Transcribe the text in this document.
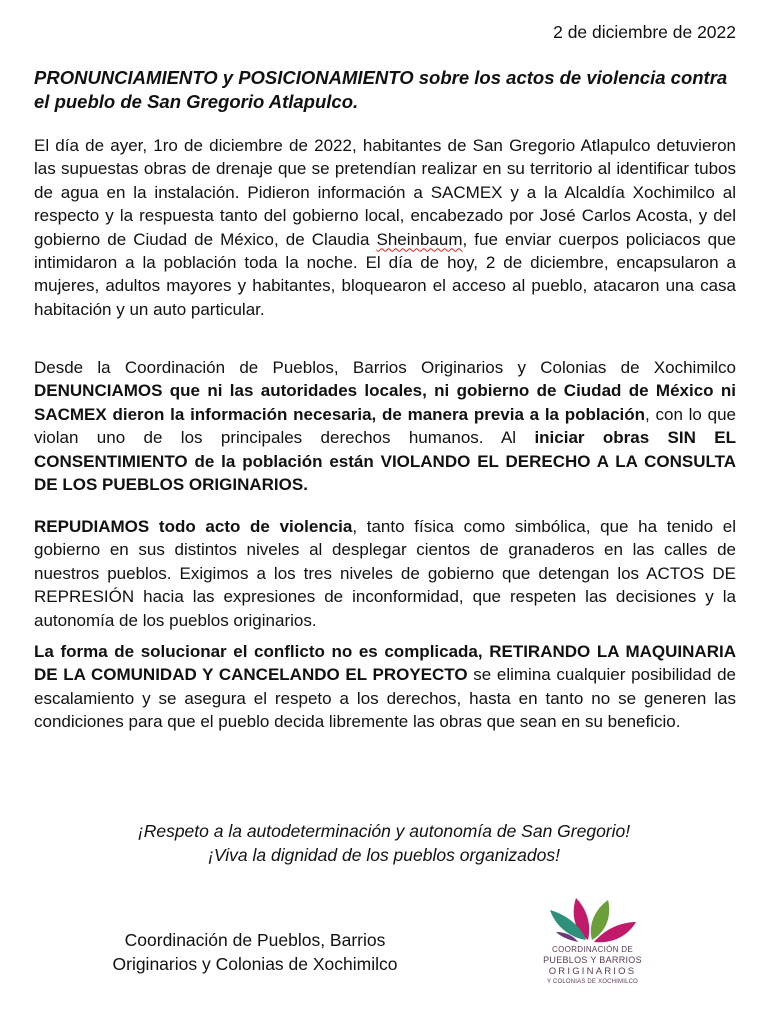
2 de diciembre de 2022

PRONUNCIAMIENTO y POSICIONAMIENTO sobre los actos de violencia contra el pueblo de San Gregorio Atlapulco.

El día de ayer, 1ro de diciembre de 2022, habitantes de San Gregorio Atlapulco detuvieron las supuestas obras de drenaje que se pretendían realizar en su territorio al identificar tubos de agua en la instalación. Pidieron información a SACMEX y a la Alcaldía Xochimilco al respecto y la respuesta tanto del gobierno local, encabezado por José Carlos Acosta, y del gobierno de Ciudad de México, de Claudia Sheinbaum, fue enviar cuerpos policiacos que intimidaron a la población toda la noche. El día de hoy, 2 de diciembre, encapsularon a mujeres, adultos mayores y habitantes, bloquearon el acceso al pueblo, atacaron una casa habitación y un auto particular.

Desde la Coordinación de Pueblos, Barrios Originarios y Colonias de Xochimilco DENUNCIAMOS que ni las autoridades locales, ni gobierno de Ciudad de México ni SACMEX dieron la información necesaria, de manera previa a la población, con lo que violan uno de los principales derechos humanos. Al iniciar obras SIN EL CONSENTIMIENTO de la población están VIOLANDO EL DERECHO A LA CONSULTA DE LOS PUEBLOS ORIGINARIOS.

REPUDIAMOS todo acto de violencia, tanto física como simbólica, que ha tenido el gobierno en sus distintos niveles al desplegar cientos de granaderos en las calles de nuestros pueblos. Exigimos a los tres niveles de gobierno que detengan los ACTOS DE REPRESIÓN hacia las expresiones de inconformidad, que respeten las decisiones y la autonomía de los pueblos originarios.

La forma de solucionar el conflicto no es complicada, RETIRANDO LA MAQUINARIA DE LA COMUNIDAD Y CANCELANDO EL PROYECTO se elimina cualquier posibilidad de escalamiento y se asegura el respeto a los derechos, hasta en tanto no se generen las condiciones para que el pueblo decida libremente las obras que sean en su beneficio.

¡Respeto a la autodeterminación y autonomía de San Gregorio!
¡Viva la dignidad de los pueblos organizados!
Coordinación de Pueblos, Barrios
Originarios y Colonias de Xochimilco
COORDINACIÓN DE
PUEBLOS Y BARRIOS
ORIGINARIOS
Y COLONIAS DE XOCHIMILCO
